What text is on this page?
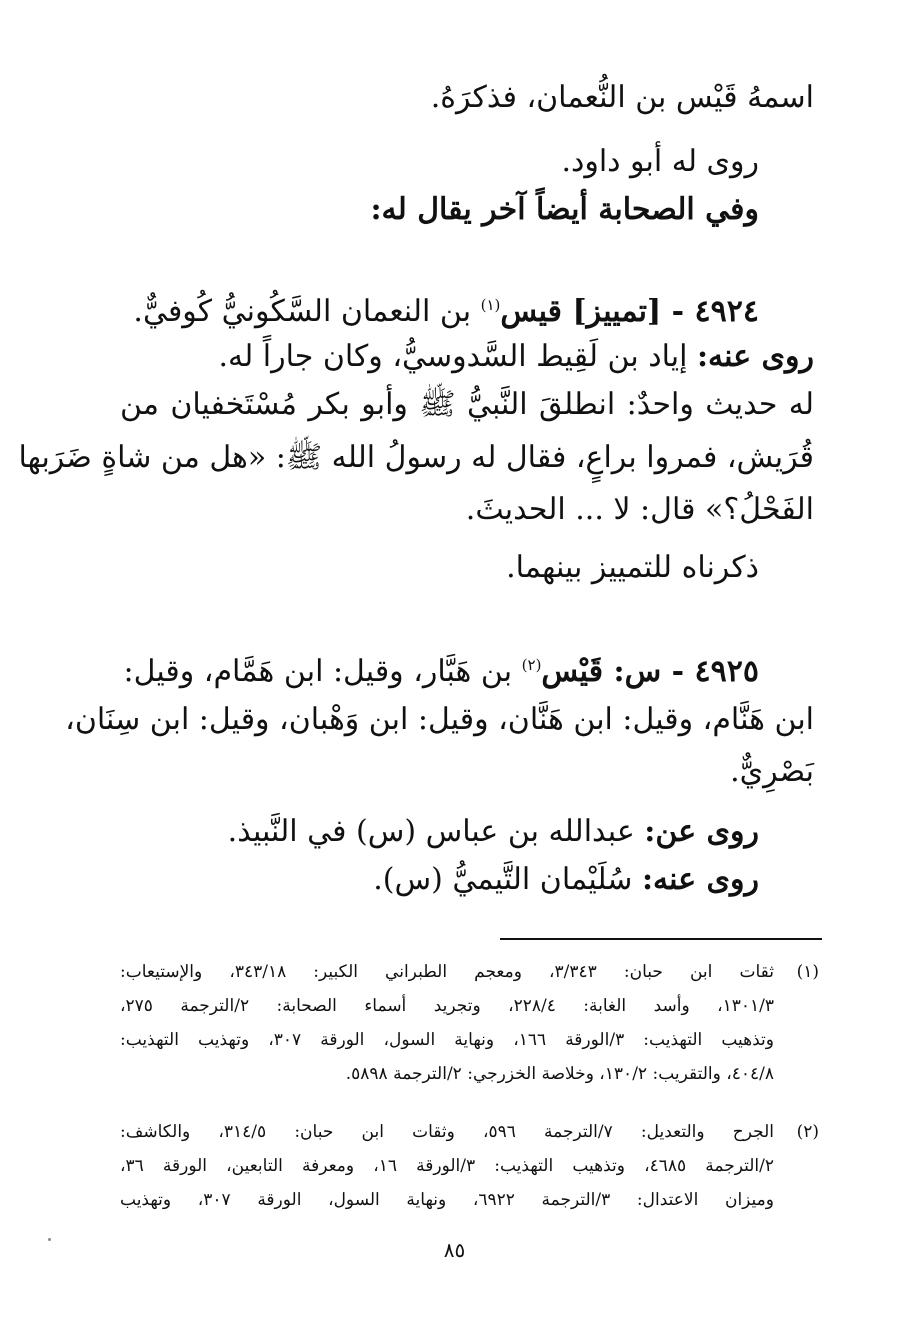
اسمهُ قَيْس بن النُّعمان، فذكرَهُ.
روى له أبو داود.
وفي الصحابة أيضاً آخر يقال له:
٤٩٢٤ - [تمييز] قيس$^{(١)}$ بن النعمان السَّكُونيُّ كُوفيٌّ.
روى عنه: إياد بن لَقِيط السَّدوسيُّ، وكان جاراً له.
له حديث واحدٌ: انطلقَ النَّبيُّ ﷺ وأبو بكر مُسْتَخفيان من
قُرَيش، فمروا براعٍ، فقال له رسولُ الله ﷺ: «هل من شاةٍ ضَرَبها
الفَحْلُ؟» قال: لا ... الحديثَ.
ذكرناه للتمييز بينهما.
٤٩٢٥ - س: قَيْس$^{(٢)}$ بن هَبَّار، وقيل: ابن هَمَّام، وقيل:
ابن هَنَّام، وقيل: ابن هَنَّان، وقيل: ابن وَهْبان، وقيل: ابن سِنَان،
بَصْرِيٌّ.
روى عن: عبدالله بن عباس (س) في النَّبيذ.
روى عنه: سُلَيْمان التَّيميُّ (س).
(١)
ثقات ابن حبان: ٣/٣٤٣، ومعجم الطبراني الكبير: ٣٤٣/١٨، والإستيعاب:
١٣٠١/٣، وأسد الغابة: ٢٢٨/٤، وتجريد أسماء الصحابة: ٢/الترجمة ٢٧٥،
وتذهيب التهذيب: ٣/الورقة ١٦٦، ونهاية السول، الورقة ٣٠٧، وتهذيب التهذيب:
٤٠٤/٨، والتقريب: ١٣٠/٢، وخلاصة الخزرجي: ٢/الترجمة ٥٨٩٨.
(٢)
الجرح والتعديل: ٧/الترجمة ٥٩٦، وثقات ابن حبان: ٣١٤/٥، والكاشف:
٢/الترجمة ٤٦٨٥، وتذهيب التهذيب: ٣/الورقة ١٦، ومعرفة التابعين، الورقة ٣٦،
وميزان الاعتدال: ٣/الترجمة ٦٩٢٢، ونهاية السول، الورقة ٣٠٧، وتهذيب
٨٥
